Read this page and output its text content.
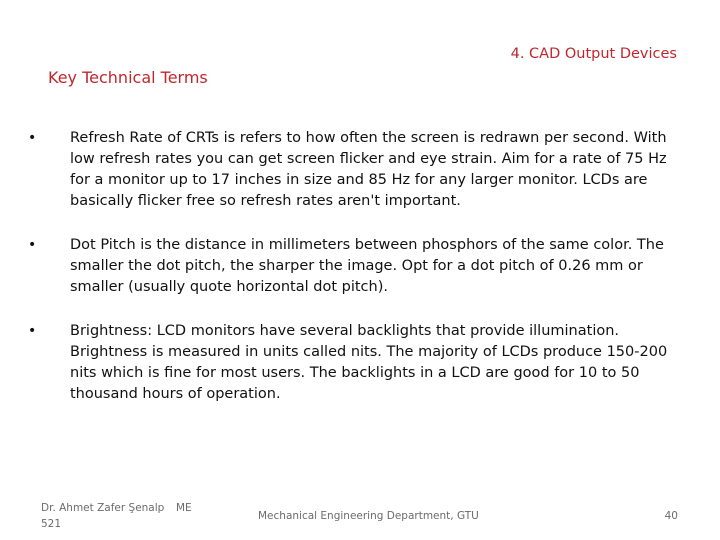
4. CAD Output Devices
Key Technical Terms
• Refresh Rate of CRTs is refers to how often the screen is redrawn per second. With low refresh rates you can get screen flicker and eye strain. Aim for a rate of 75 Hz for a monitor up to 17 inches in size and 85 Hz for any larger monitor. LCDs are basically flicker free so refresh rates aren't important.
• Dot Pitch is the distance in millimeters between phosphors of the same color. The smaller the dot pitch, the sharper the image. Opt for a dot pitch of 0.26 mm or smaller (usually quote horizontal dot pitch).
• Brightness: LCD monitors have several backlights that provide illumination. Brightness is measured in units called nits. The majority of LCDs produce 150-200 nits which is fine for most users. The backlights in a LCD are good for 10 to 50 thousand hours of operation.
Dr. Ahmet Zafer Şenalp
521
ME
Mechanical Engineering Department, GTU	40
